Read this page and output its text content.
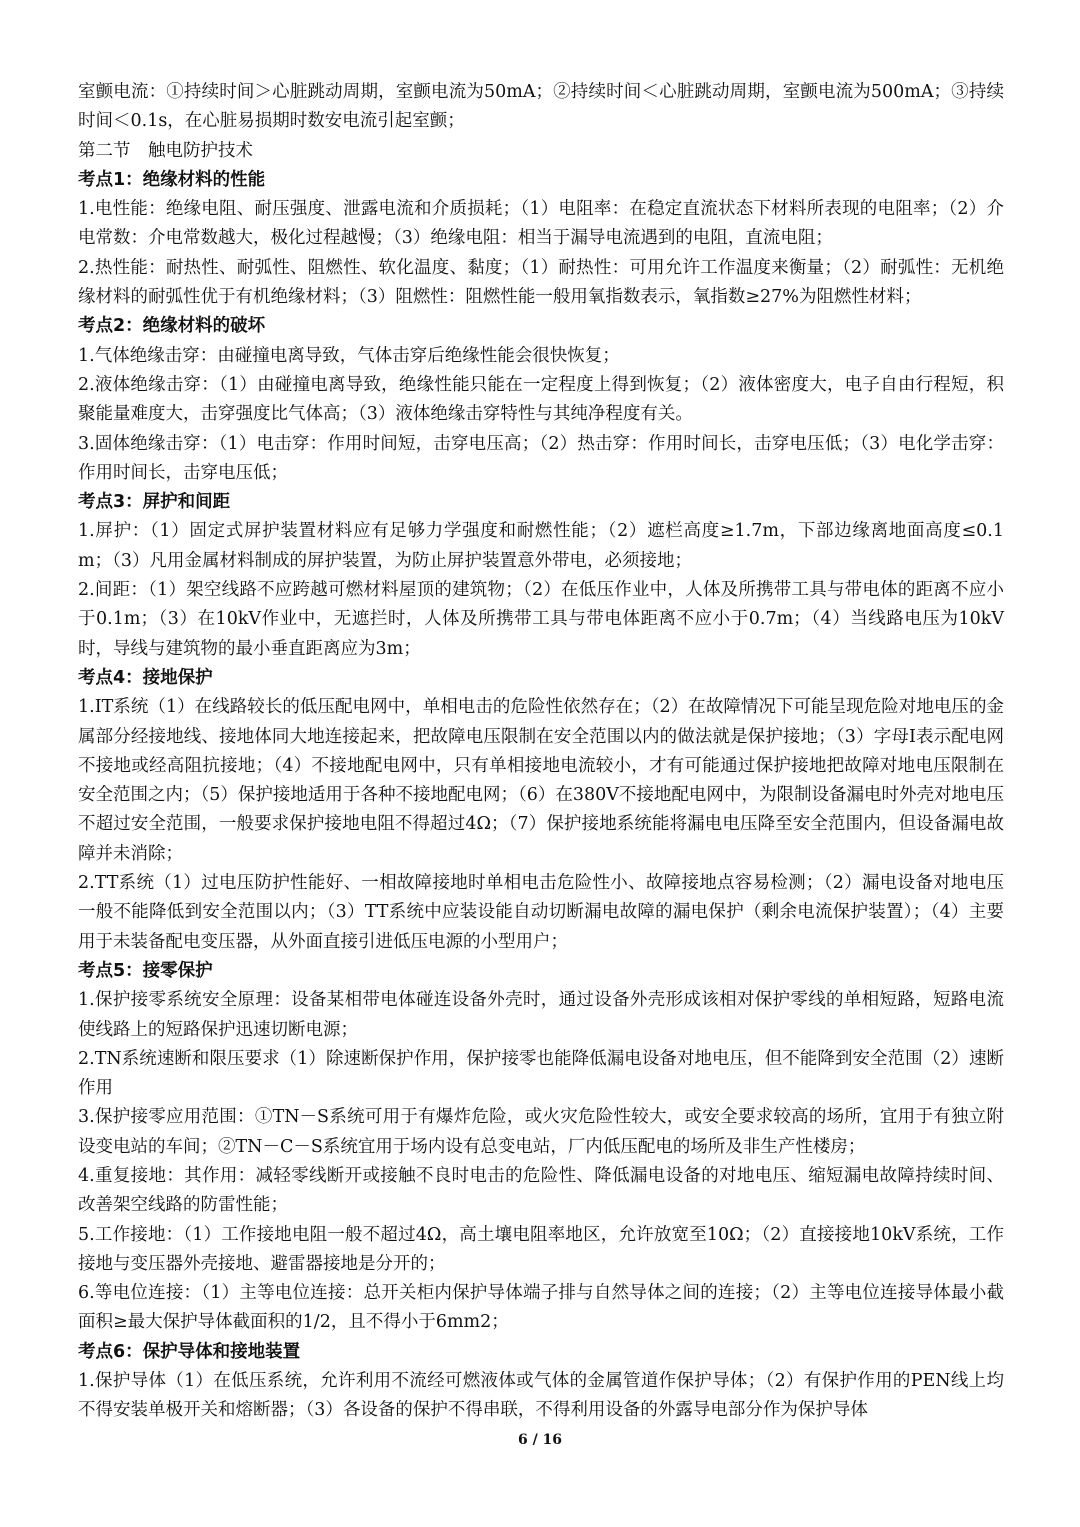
室颤电流：①持续时间＞心脏跳动周期，室颤电流为50mA；②持续时间＜心脏跳动周期，室颤电流为500mA；③持续时间＜0.1s，在心脏易损期时数安电流引起室颤；

第二节　触电防护技术

考点1：绝缘材料的性能

1.电性能：绝缘电阻、耐压强度、泄露电流和介质损耗；（1）电阻率：在稳定直流状态下材料所表现的电阻率；（2）介电常数：介电常数越大，极化过程越慢；（3）绝缘电阻：相当于漏导电流遇到的电阻，直流电阻；

2.热性能：耐热性、耐弧性、阻燃性、软化温度、黏度；（1）耐热性：可用允许工作温度来衡量；（2）耐弧性：无机绝缘材料的耐弧性优于有机绝缘材料；（3）阻燃性：阻燃性能一般用氧指数表示，氧指数≥27%为阻燃性材料；

考点2：绝缘材料的破坏

1.气体绝缘击穿：由碰撞电离导致，气体击穿后绝缘性能会很快恢复；

2.液体绝缘击穿：（1）由碰撞电离导致，绝缘性能只能在一定程度上得到恢复；（2）液体密度大，电子自由行程短，积聚能量难度大，击穿强度比气体高；（3）液体绝缘击穿特性与其纯净程度有关。

3.固体绝缘击穿：（1）电击穿：作用时间短，击穿电压高；（2）热击穿：作用时间长，击穿电压低；（3）电化学击穿：作用时间长，击穿电压低；

考点3：屏护和间距

1.屏护：（1）固定式屏护装置材料应有足够力学强度和耐燃性能；（2）遮栏高度≥1.7m，下部边缘离地面高度≤0.1m；（3）凡用金属材料制成的屏护装置，为防止屏护装置意外带电，必须接地；

2.间距：（1）架空线路不应跨越可燃材料屋顶的建筑物；（2）在低压作业中，人体及所携带工具与带电体的距离不应小于0.1m；（3）在10kV作业中，无遮拦时，人体及所携带工具与带电体距离不应小于0.7m；（4）当线路电压为10kV时，导线与建筑物的最小垂直距离应为3m；

考点4：接地保护

1.IT系统（1）在线路较长的低压配电网中，单相电击的危险性依然存在；（2）在故障情况下可能呈现危险对地电压的金属部分经接地线、接地体同大地连接起来，把故障电压限制在安全范围以内的做法就是保护接地；（3）字母I表示配电网不接地或经高阻抗接地；（4）不接地配电网中，只有单相接地电流较小，才有可能通过保护接地把故障对地电压限制在安全范围之内；（5）保护接地适用于各种不接地配电网；（6）在380V不接地配电网中，为限制设备漏电时外壳对地电压不超过安全范围，一般要求保护接地电阻不得超过4Ω；（7）保护接地系统能将漏电电压降至安全范围内，但设备漏电故障并未消除；

2.TT系统（1）过电压防护性能好、一相故障接地时单相电击危险性小、故障接地点容易检测；（2）漏电设备对地电压一般不能降低到安全范围以内；（3）TT系统中应装设能自动切断漏电故障的漏电保护（剩余电流保护装置）；（4）主要用于未装备配电变压器，从外面直接引进低压电源的小型用户；

考点5：接零保护

1.保护接零系统安全原理：设备某相带电体碰连设备外壳时，通过设备外壳形成该相对保护零线的单相短路，短路电流使线路上的短路保护迅速切断电源；

2.TN系统速断和限压要求（1）除速断保护作用，保护接零也能降低漏电设备对地电压，但不能降到安全范围（2）速断作用

3.保护接零应用范围：①TN－S系统可用于有爆炸危险，或火灾危险性较大，或安全要求较高的场所，宜用于有独立附设变电站的车间；②TN－C－S系统宜用于场内设有总变电站，厂内低压配电的场所及非生产性楼房；

4.重复接地：其作用：减轻零线断开或接触不良时电击的危险性、降低漏电设备的对地电压、缩短漏电故障持续时间、改善架空线路的防雷性能；

5.工作接地：（1）工作接地电阻一般不超过4Ω，高土壤电阻率地区，允许放宽至10Ω；（2）直接接地10kV系统，工作接地与变压器外壳接地、避雷器接地是分开的；

6.等电位连接：（1）主等电位连接：总开关柜内保护导体端子排与自然导体之间的连接；（2）主等电位连接导体最小截面积≥最大保护导体截面积的1/2，且不得小于6mm2；

考点6：保护导体和接地装置

1.保护导体（1）在低压系统，允许利用不流经可燃液体或气体的金属管道作保护导体；（2）有保护作用的PEN线上均不得安装单极开关和熔断器；（3）各设备的保护不得串联，不得利用设备的外露导电部分作为保护导体

6 / 16
